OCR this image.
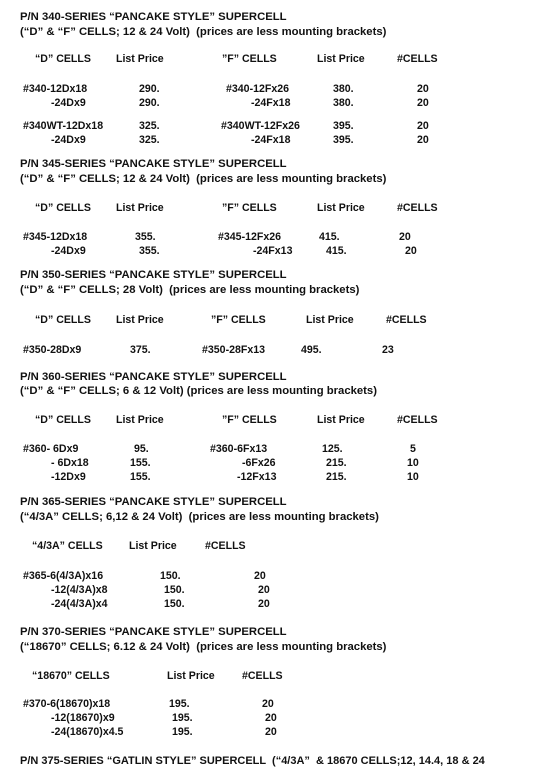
P/N 340-SERIES “PANCAKE STYLE” SUPERCELL
(“D” & “F” CELLS; 12 & 24 Volt)  (prices are less mounting brackets)
“D” CELLS List Price	”F” CELLS	List Price	#CELLS
#340-12Dx18	290.	#340-12Fx26	380.	20
-24Dx9	290.	-24Fx18	380.	20
#340WT-12Dx18	325.	#340WT-12Fx26	395.	20
-24Dx9	325.	-24Fx18	395.	20
P/N 345-SERIES “PANCAKE STYLE” SUPERCELL
(“D” & “F” CELLS; 12 & 24 Volt)  (prices are less mounting brackets)
“D” CELLS List Price	”F” CELLS	List Price	#CELLS
#345-12Dx18	355.	#345-12Fx26	415.	20
-24Dx9	355.	-24Fx13	415.	20
P/N 350-SERIES “PANCAKE STYLE” SUPERCELL
(“D” & “F” CELLS; 28 Volt)  (prices are less mounting brackets)
“D” CELLS List Price	”F” CELLS	List Price	#CELLS
#350-28Dx9	375.	#350-28Fx13	495.	23
P/N 360-SERIES “PANCAKE STYLE” SUPERCELL
(“D” & “F” CELLS; 6 & 12 Volt) (prices are less mounting brackets)
“D” CELLS List Price	”F” CELLS	List Price	#CELLS
#360- 6Dx9	95.	#360-6Fx13	125.	5
- 6Dx18	155.	-6Fx26	215.	10
-12Dx9	155.	-12Fx13	215.	10
P/N 365-SERIES “PANCAKE STYLE” SUPERCELL
(“4/3A” CELLS; 6,12 & 24 Volt)  (prices are less mounting brackets)
“4/3A” CELLS List Price	#CELLS
#365-6(4/3A)x16	150.	20
-12(4/3A)x8	150.	20
-24(4/3A)x4	150.	20
P/N 370-SERIES “PANCAKE STYLE” SUPERCELL
(“18670” CELLS; 6.12 & 24 Volt)  (prices are less mounting brackets)
“18670” CELLS	List Price	#CELLS
#370-6(18670)x18	195.	20
-12(18670)x9	195.	20
-24(18670)x4.5	195.	20
P/N 375-SERIES “GATLIN STYLE” SUPERCELL  (“4/3A”  & 18670 CELLS;12, 14.4, 18 & 24
